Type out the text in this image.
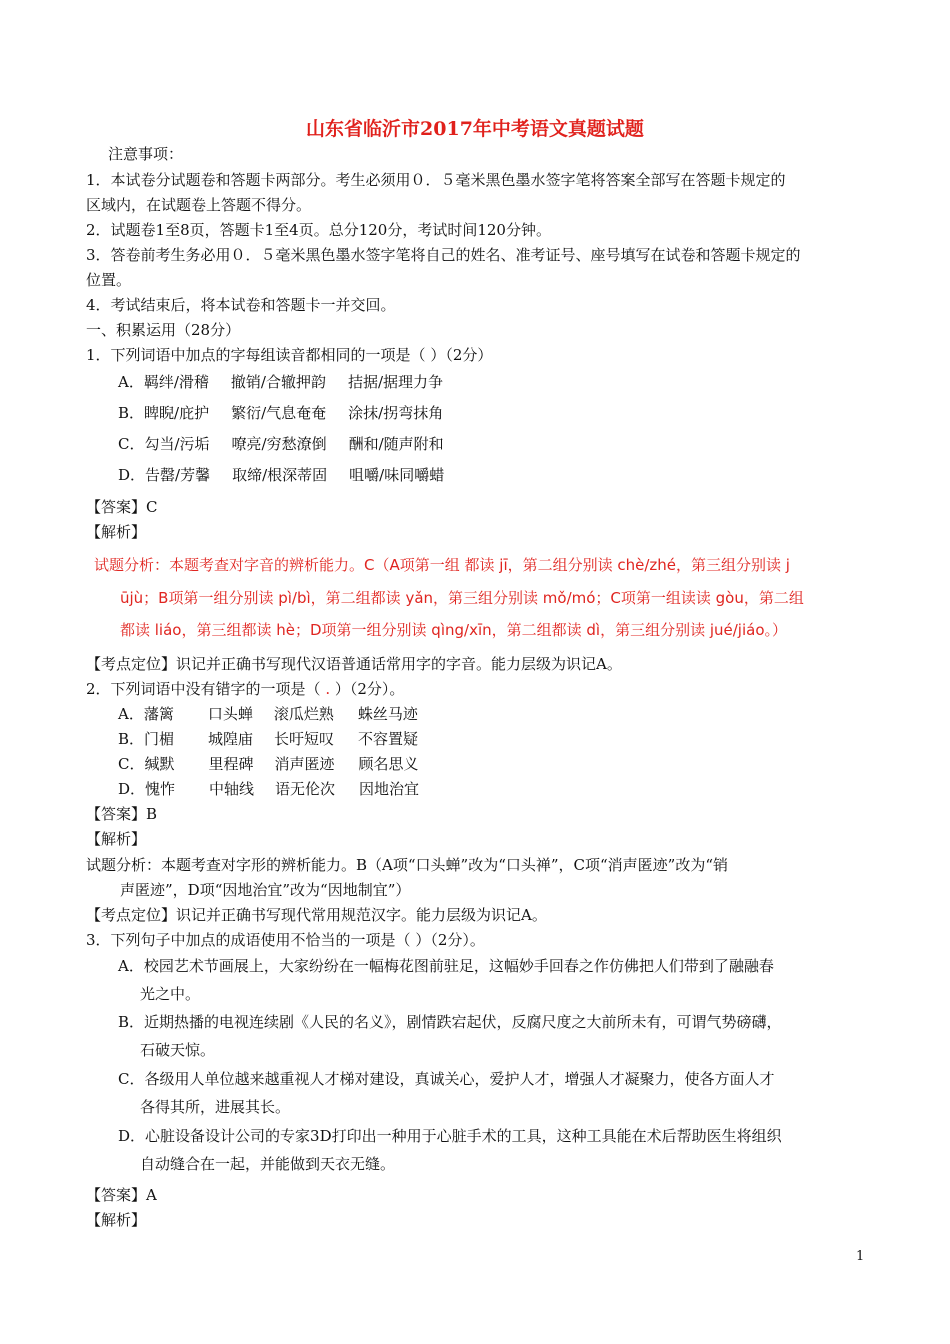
山东省临沂市2017年中考语文真题试题
注意事项：
1．本试卷分试题卷和答题卡两部分。考生必须用０．５毫米黑色墨水签字笔将答案全部写在答题卡规定的
区域内，在试题卷上答题不得分。
2．试题卷1至8页，答题卡1至4页。总分120分，考试时间120分钟。
3．答卷前考生务必用０．５毫米黑色墨水签字笔将自己的姓名、准考证号、座号填写在试卷和答题卡规定的
位置。
4．考试结束后，将本试卷和答题卡一并交回。
一、积累运用（28分）
1．下列词语中加点的字每组读音都相同的一项是（ ）（2分）
A．羁绊/滑稽 撤销/合辙押韵 拮据/据理力争
B．睥睨/庇护 繁衍/气息奄奄 涂抹/拐弯抹角
C．勾当/污垢 嘹亮/穷愁潦倒 酬和/随声附和
D．告罄/芳馨 取缔/根深蒂固 咀嚼/味同嚼蜡
【答案】C
【解析】
试题分析：本题考查对字音的辨析能力。C（A项第一组 都读 jī，第二组分别读 chè/zhé，第三组分别读 j
ūjù；B项第一组分别读 pì/bì，第二组都读 yǎn，第三组分别读 mǒ/mó；C项第一组读读 gòu，第二组
都读 liáo，第三组都读 hè；D项第一组分别读 qìng/xīn，第二组都读 dì，第三组分别读 jué/jiáo。）
【考点定位】识记并正确书写现代汉语普通话常用字的字音。能力层级为识记A。
2．下列词语中没有错字的一项是（ . ）（2分）。
A．藩篱 口头蝉 滚瓜烂熟 蛛丝马迹
B．门楣 城隍庙 长吁短叹 不容置疑
C．缄默 里程碑 消声匿迹 顾名思义
D．愧怍 中轴线 语无伦次 因地治宜
【答案】B
【解析】
试题分析：本题考查对字形的辨析能力。B（A项“口头蝉”改为“口头禅”，C项“消声匿迹”改为“销
声匿迹”，D项“因地治宜”改为“因地制宜”）
【考点定位】识记并正确书写现代常用规范汉字。能力层级为识记A。
3．下列句子中加点的成语使用不恰当的一项是（ ）（2分）。
A．校园艺术节画展上，大家纷纷在一幅梅花图前驻足，这幅妙手回春之作仿佛把人们带到了融融春
光之中。
B．近期热播的电视连续剧《人民的名义》，剧情跌宕起伏，反腐尺度之大前所未有，可谓气势磅礴，
石破天惊。
C．各级用人单位越来越重视人才梯对建设，真诚关心，爱护人才，增强人才凝聚力，使各方面人才
各得其所，进展其长。
D．心脏设备设计公司的专家3D打印出一种用于心脏手术的工具，这种工具能在术后帮助医生将组织
自动缝合在一起，并能做到天衣无缝。
【答案】A
【解析】
1
